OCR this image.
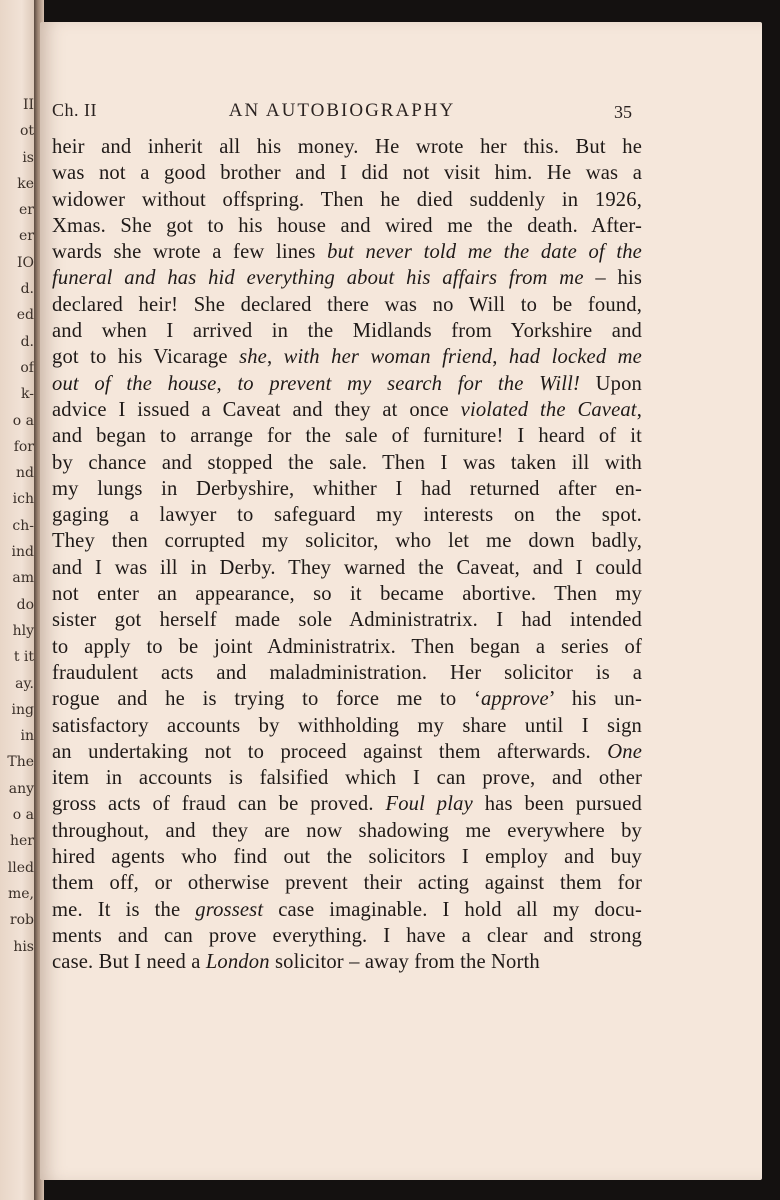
II
ot
is
ke
er
er
IO
d.
ed
d.
of
k-
o a
for
nd
ich
ch-
ind
am
do
hly
t it
ay.
ing
in
The
any
o a
her
lled
me,
rob
his
Ch. II	AN AUTOBIOGRAPHY	35
heir and inherit all his money. He wrote her this. But he
was not a good brother and I did not visit him. He was a
widower without offspring. Then he died suddenly in 1926,
Xmas. She got to his house and wired me the death. After-
wards she wrote a few lines but never told me the date of the
funeral and has hid everything about his affairs from me – his
declared heir! She declared there was no Will to be found,
and when I arrived in the Midlands from Yorkshire and
got to his Vicarage she, with her woman friend, had locked me
out of the house, to prevent my search for the Will! Upon
advice I issued a Caveat and they at once violated the Caveat,
and began to arrange for the sale of furniture! I heard of it
by chance and stopped the sale. Then I was taken ill with
my lungs in Derbyshire, whither I had returned after en-
gaging a lawyer to safeguard my interests on the spot.
They then corrupted my solicitor, who let me down badly,
and I was ill in Derby. They warned the Caveat, and I could
not enter an appearance, so it became abortive. Then my
sister got herself made sole Administratrix. I had intended
to apply to be joint Administratrix. Then began a series of
fraudulent acts and maladministration. Her solicitor is a
rogue and he is trying to force me to ‘approve’ his un-
satisfactory accounts by withholding my share until I sign
an undertaking not to proceed against them afterwards. One
item in accounts is falsified which I can prove, and other
gross acts of fraud can be proved. Foul play has been pursued
throughout, and they are now shadowing me everywhere by
hired agents who find out the solicitors I employ and buy
them off, or otherwise prevent their acting against them for
me. It is the grossest case imaginable. I hold all my docu-
ments and can prove everything. I have a clear and strong
case. But I need a London solicitor – away from the North
